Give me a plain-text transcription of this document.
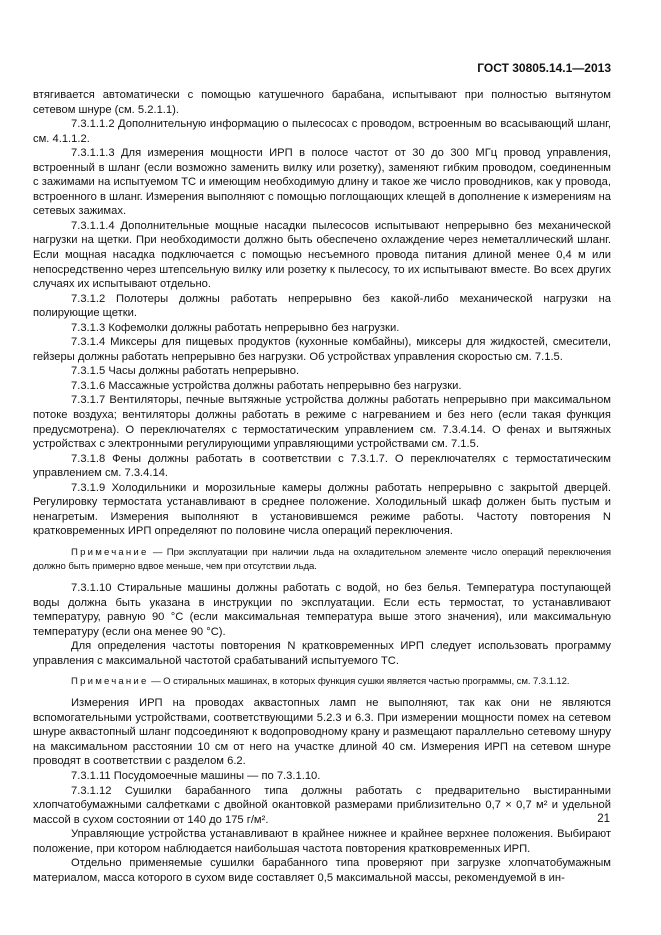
ГОСТ 30805.14.1—2013

втягивается автоматически с помощью катушечного барабана, испытывают при полностью вытянутом сетевом шнуре (см. 5.2.1.1).

7.3.1.1.2 Дополнительную информацию о пылесосах с проводом, встроенным во всасывающий шланг, см. 4.1.1.2.

7.3.1.1.3 Для измерения мощности ИРП в полосе частот от 30 до 300 МГц провод управления, встроенный в шланг (если возможно заменить вилку или розетку), заменяют гибким проводом, соединенным с зажимами на испытуемом ТС и имеющим необходимую длину и такое же число проводников, как у провода, встроенного в шланг. Измерения выполняют с помощью поглощающих клещей в дополнение к измерениям на сетевых зажимах.

7.3.1.1.4 Дополнительные мощные насадки пылесосов испытывают непрерывно без механической нагрузки на щетки. При необходимости должно быть обеспечено охлаждение через неметаллический шланг. Если мощная насадка подключается с помощью несъемного провода питания длиной менее 0,4 м или непосредственно через штепсельную вилку или розетку к пылесосу, то их испытывают вместе. Во всех других случаях их испытывают отдельно.

7.3.1.2 Полотеры должны работать непрерывно без какой-либо механической нагрузки на полирующие щетки.

7.3.1.3 Кофемолки должны работать непрерывно без нагрузки.

7.3.1.4 Миксеры для пищевых продуктов (кухонные комбайны), миксеры для жидкостей, смесители, гейзеры должны работать непрерывно без нагрузки. Об устройствах управления скоростью см. 7.1.5.

7.3.1.5 Часы должны работать непрерывно.

7.3.1.6 Массажные устройства должны работать непрерывно без нагрузки.

7.3.1.7 Вентиляторы, печные вытяжные устройства должны работать непрерывно при максимальном потоке воздуха; вентиляторы должны работать в режиме с нагреванием и без него (если такая функция предусмотрена). О переключателях с термостатическим управлением см. 7.3.4.14. О фенах и вытяжных устройствах с электронными регулирующими управляющими устройствами см. 7.1.5.

7.3.1.8 Фены должны работать в соответствии с 7.3.1.7. О переключателях с термостатическим управлением см. 7.3.4.14.

7.3.1.9 Холодильники и морозильные камеры должны работать непрерывно с закрытой дверцей. Регулировку термостата устанавливают в среднее положение. Холодильный шкаф должен быть пустым и ненагретым. Измерения выполняют в установившемся режиме работы. Частоту повторения N кратковременных ИРП определяют по половине числа операций переключения.

Примечание — При эксплуатации при наличии льда на охладительном элементе число операций переключения должно быть примерно вдвое меньше, чем при отсутствии льда.

7.3.1.10 Стиральные машины должны работать с водой, но без белья. Температура поступающей воды должна быть указана в инструкции по эксплуатации. Если есть термостат, то устанавливают температуру, равную 90 °С (если максимальная температура выше этого значения), или максимальную температуру (если она менее 90 °С).

Для определения частоты повторения N кратковременных ИРП следует использовать программу управления с максимальной частотой срабатываний испытуемого ТС.

Примечание — О стиральных машинах, в которых функция сушки является частью программы, см. 7.3.1.12.

Измерения ИРП на проводах аквастопных ламп не выполняют, так как они не являются вспомогательными устройствами, соответствующими 5.2.3 и 6.3. При измерении мощности помех на сетевом шнуре аквастопный шланг подсоединяют к водопроводному крану и размещают параллельно сетевому шнуру на максимальном расстоянии 10 см от него на участке длиной 40 см. Измерения ИРП на сетевом шнуре проводят в соответствии с разделом 6.2.

7.3.1.11 Посудомоечные машины — по 7.3.1.10.

7.3.1.12 Сушилки барабанного типа должны работать с предварительно выстиранными хлопчатобумажными салфетками с двойной окантовкой размерами приблизительно 0,7 × 0,7 м² и удельной массой в сухом состоянии от 140 до 175 г/м².

Управляющие устройства устанавливают в крайнее нижнее и крайнее верхнее положения. Выбирают положение, при котором наблюдается наибольшая частота повторения кратковременных ИРП.

Отдельно применяемые сушилки барабанного типа проверяют при загрузке хлопчатобумажным материалом, масса которого в сухом виде составляет 0,5 максимальной массы, рекомендуемой в ин-

21
